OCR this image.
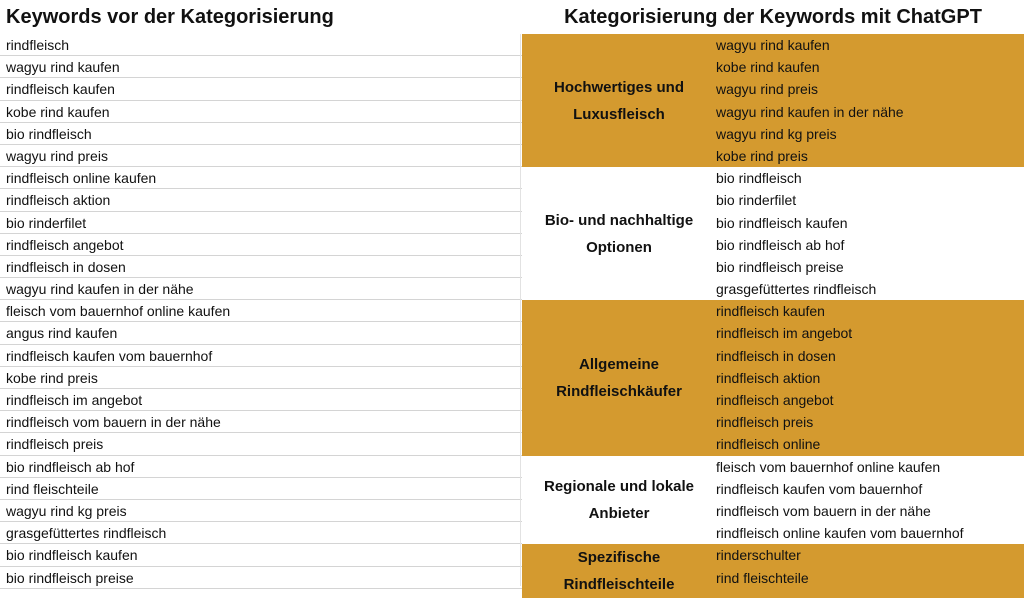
Keywords vor der Kategorisierung
rindfleisch
wagyu rind kaufen
rindfleisch kaufen
kobe rind kaufen
bio rindfleisch
wagyu rind preis
rindfleisch online kaufen
rindfleisch aktion
bio rinderfilet
rindfleisch angebot
rindfleisch in dosen
wagyu rind kaufen in der nähe
fleisch vom bauernhof online kaufen
angus rind kaufen
rindfleisch kaufen vom bauernhof
kobe rind preis
rindfleisch im angebot
rindfleisch vom bauern in der nähe
rindfleisch preis
bio rindfleisch ab hof
rind fleischteile
wagyu rind kg preis
grasgefüttertes rindfleisch
bio rindfleisch kaufen
bio rindfleisch preise
Kategorisierung der Keywords mit ChatGPT
Hochwertiges und Luxusfleisch
wagyu rind kaufen
kobe rind kaufen
wagyu rind preis
wagyu rind kaufen in der nähe
wagyu rind kg preis
kobe rind preis
Bio- und nachhaltige Optionen
bio rindfleisch
bio rinderfilet
bio rindfleisch kaufen
bio rindfleisch ab hof
bio rindfleisch preise
grasgefüttertes rindfleisch
Allgemeine Rindfleischkäufer
rindfleisch kaufen
rindfleisch im angebot
rindfleisch in dosen
rindfleisch aktion
rindfleisch angebot
rindfleisch preis
rindfleisch online
Regionale und lokale Anbieter
fleisch vom bauernhof online kaufen
rindfleisch kaufen vom bauernhof
rindfleisch vom bauern in der nähe
rindfleisch online kaufen vom bauernhof
Spezifische Rindfleischteile
rinderschulter
rind fleischteile
